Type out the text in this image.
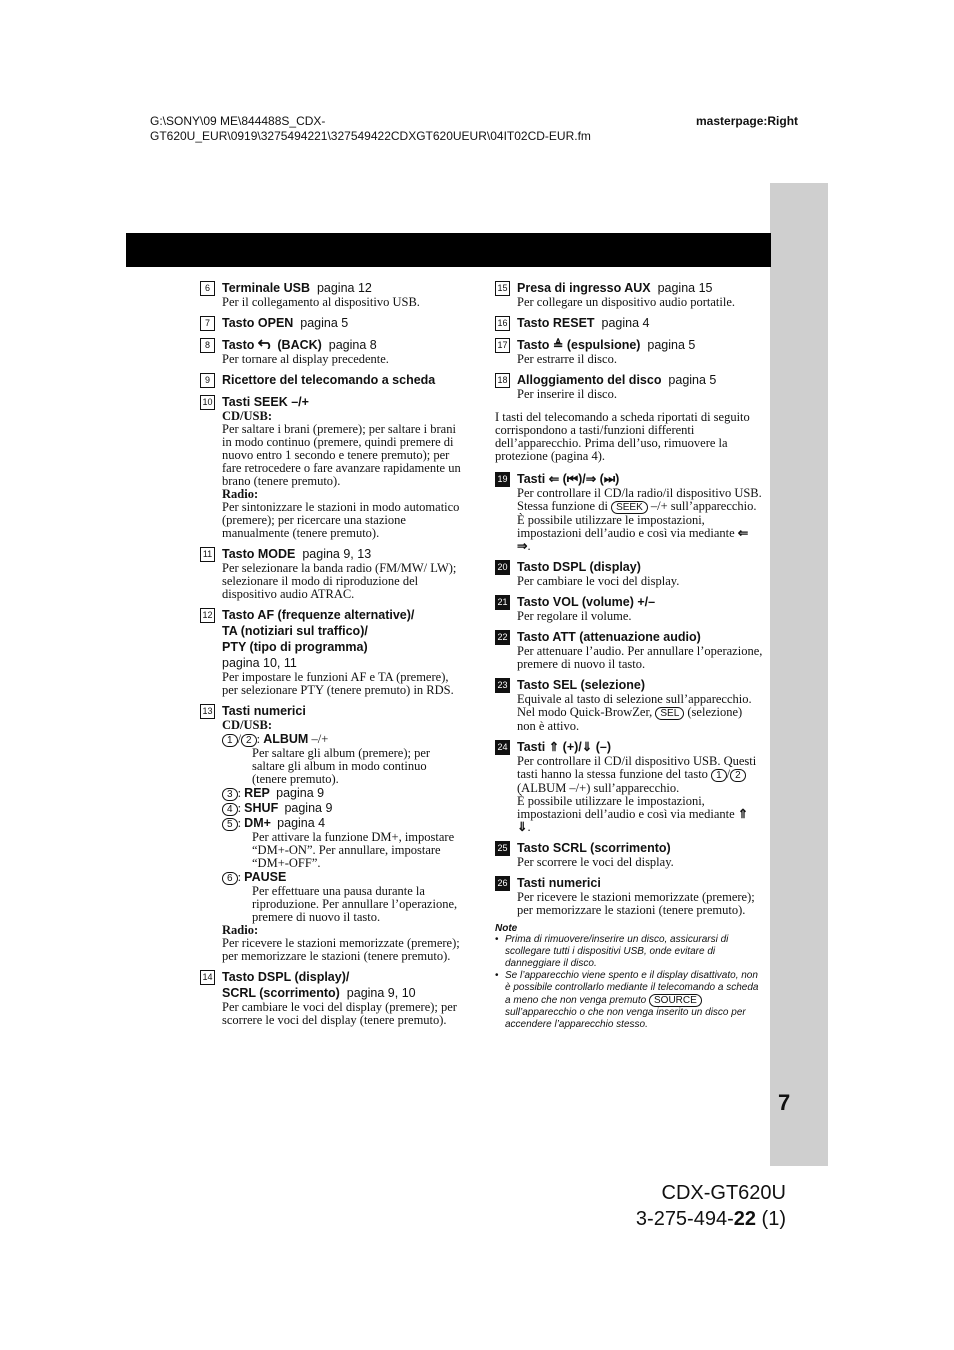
G:\SONY\09 ME\844488S_CDX-
GT620U_EUR\0919\3275494221\327549422CDXGT620UEUR\04IT02CD-EUR.fm
masterpage:Right
7
6 Terminale USB pagina 12
Per il collegamento al dispositivo USB.
7 Tasto OPEN pagina 5
8 Tasto (BACK) pagina 8
Per tornare al display precedente.
9 Ricettore del telecomando a scheda
10 Tasti SEEK –/+
CD/USB:
Per saltare i brani (premere); per saltare i brani in modo continuo (premere, quindi premere di nuovo entro 1 secondo e tenere premuto); per fare retrocedere o fare avanzare rapidamente un brano (tenere premuto).
Radio:
Per sintonizzare le stazioni in modo automatico (premere); per ricercare una stazione manualmente (tenere premuto).
11 Tasto MODE pagina 9, 13
Per selezionare la banda radio (FM/MW/ LW); selezionare il modo di riproduzione del dispositivo audio ATRAC.
12 Tasto AF (frequenze alternative)/
TA (notiziari sul traffico)/
PTY (tipo di programma)
pagina 10, 11
Per impostare le funzioni AF e TA (premere), per selezionare PTY (tenere premuto) in RDS.
13 Tasti numerici
CD/USB:
1 / 2 : ALBUM –/+
Per saltare gli album (premere); per saltare gli album in modo continuo (tenere premuto).
3 : REP pagina 9
4 : SHUF pagina 9
5 : DM+ pagina 4
Per attivare la funzione DM+, impostare “DM+-ON”. Per annullare, impostare “DM+-OFF”.
6 : PAUSE
Per effettuare una pausa durante la riproduzione. Per annullare l’operazione, premere di nuovo il tasto.
Radio:
Per ricevere le stazioni memorizzate (premere); per memorizzare le stazioni (tenere premuto).
14 Tasto DSPL (display)/
SCRL (scorrimento) pagina 9, 10
Per cambiare le voci del display (premere); per scorrere le voci del display (tenere premuto).
15 Presa di ingresso AUX pagina 15
Per collegare un dispositivo audio portatile.
16 Tasto RESET pagina 4
17 Tasto ≜ (espulsione) pagina 5
Per estrarre il disco.
18 Alloggiamento del disco pagina 5
Per inserire il disco.
I tasti del telecomando a scheda riportati di seguito corrispondono a tasti/funzioni differenti dell’apparecchio. Prima dell’uso, rimuovere la protezione (pagina 4).
19 Tasti ⇐ (⏮)/⇒ (⏭)
Per controllare il CD/la radio/il dispositivo USB. Stessa funzione di SEEK –/+ sull’apparecchio.
È possibile utilizzare le impostazioni, impostazioni dell’audio e così via mediante ⇐ ⇒.
20 Tasto DSPL (display)
Per cambiare le voci del display.
21 Tasto VOL (volume) +/–
Per regolare il volume.
22 Tasto ATT (attenuazione audio)
Per attenuare l’audio. Per annullare l’operazione, premere di nuovo il tasto.
23 Tasto SEL (selezione)
Equivale al tasto di selezione sull’apparecchio.
Nel modo Quick-BrowZer, SEL (selezione) non è attivo.
24 Tasti ⇑ (+)/⇓ (–)
Per controllare il CD/il dispositivo USB. Questi tasti hanno la stessa funzione del tasto 1 / 2 (ALBUM –/+) sull’apparecchio.
È possibile utilizzare le impostazioni, impostazioni dell’audio e così via mediante ⇑ ⇓.
25 Tasto SCRL (scorrimento)
Per scorrere le voci del display.
26 Tasti numerici
Per ricevere le stazioni memorizzate (premere); per memorizzare le stazioni (tenere premuto).
Note
• Prima di rimuovere/inserire un disco, assicurarsi di scollegare tutti i dispositivi USB, onde evitare di danneggiare il disco.
• Se l’apparecchio viene spento e il display disattivato, non è possibile controllarlo mediante il telecomando a scheda a meno che non venga premuto SOURCE sull’apparecchio o che non venga inserito un disco per accendere l’apparecchio stesso.
CDX-GT620U
3-275-494-22 (1)
